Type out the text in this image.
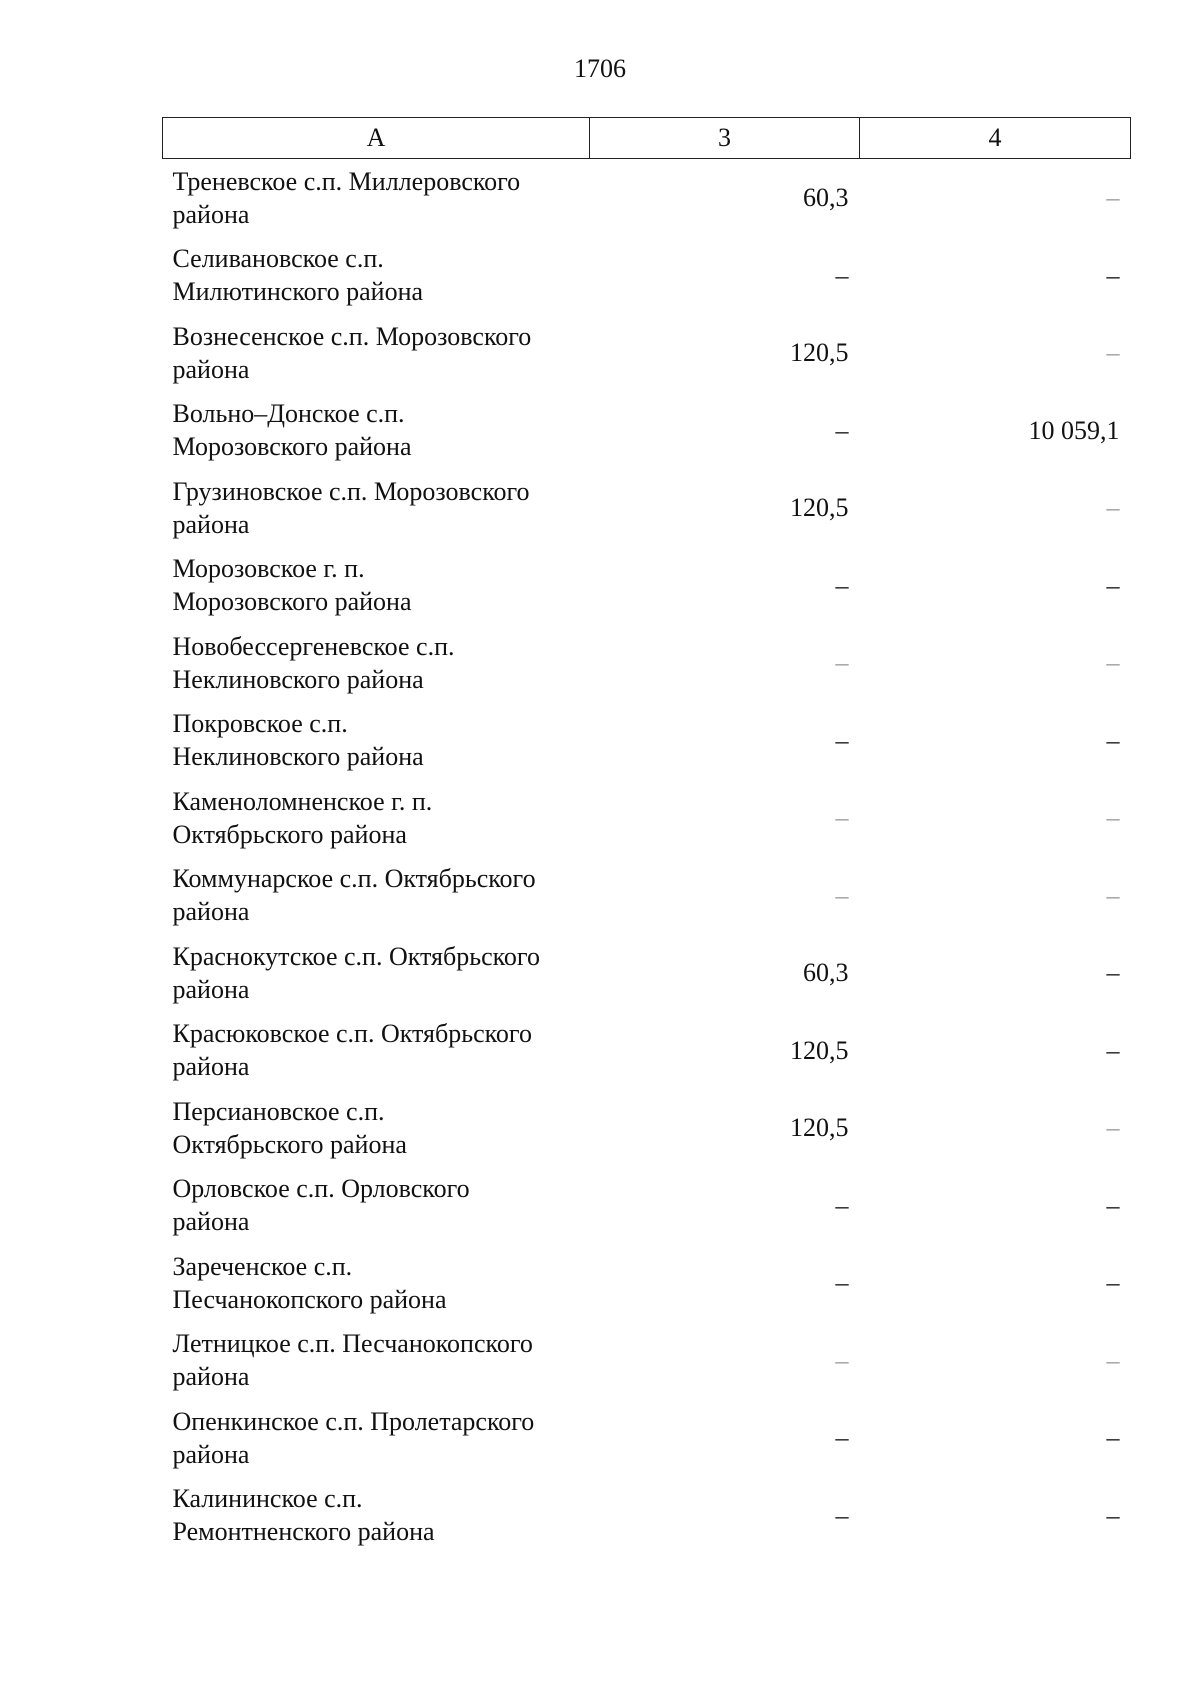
1706
А	3	4
Треневское с.п. Миллеровского
района	60,3	–
Селивановское с.п.
Милютинского района	–	–
Вознесенское с.п. Морозовского
района	120,5	–
Вольно–Донское с.п.
Морозовского района	–	10 059,1
Грузиновское с.п. Морозовского
района	120,5	–
Морозовское г. п.
Морозовского района	–	–
Новобессергеневское с.п.
Неклиновского района	–	–
Покровское с.п.
Неклиновского района	–	–
Каменоломненское г. п.
Октябрьского района	–	–
Коммунарское с.п. Октябрьского
района	–	–
Краснокутское с.п. Октябрьского
района	60,3	–
Красюковское с.п. Октябрьского
района	120,5	–
Персиановское с.п.
Октябрьского района	120,5	–
Орловское с.п. Орловского
района	–	–
Зареченское с.п.
Песчанокопского района	–	–
Летницкое с.п. Песчанокопского
района	–	–
Опенкинское с.п. Пролетарского
района	–	–
Калининское с.п.
Ремонтненского района	–	–
